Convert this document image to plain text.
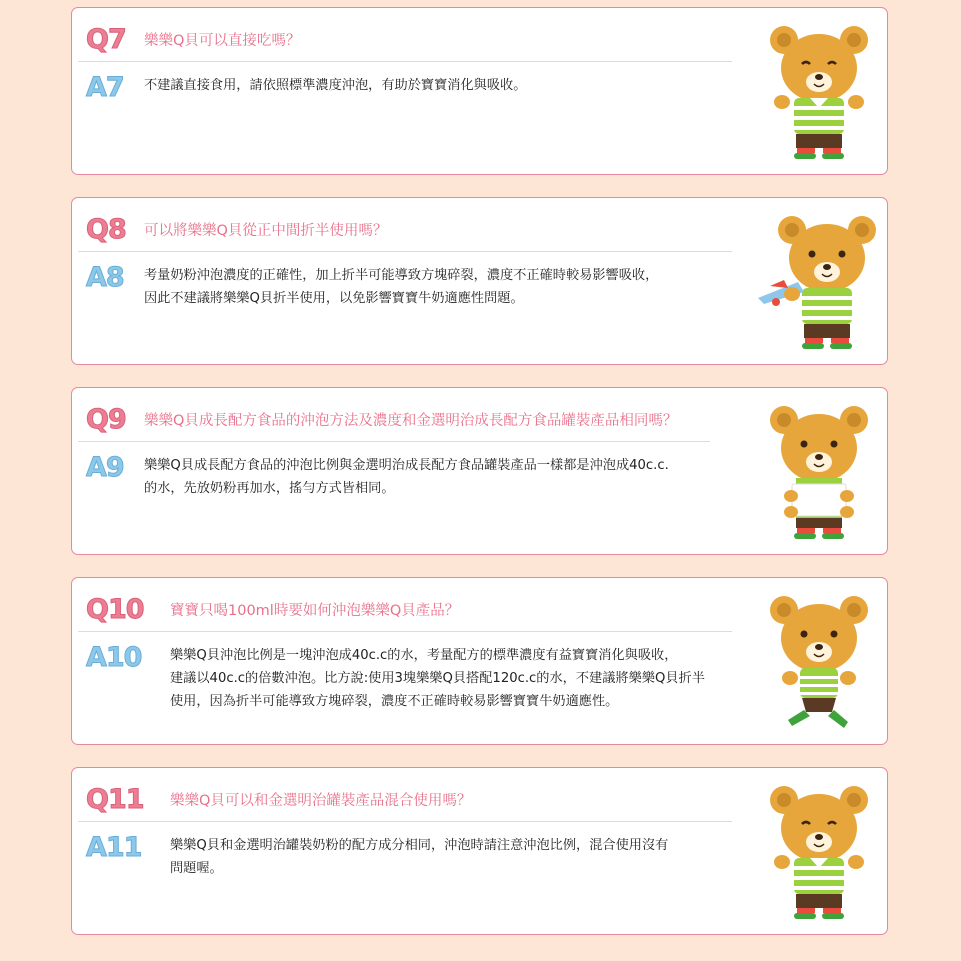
Q7	樂樂Q貝可以直接吃嗎？
A7	不建議直接食用，請依照標準濃度沖泡，有助於寶寶消化與吸收。
Q8	可以將樂樂Q貝從正中間折半使用嗎？
A8	考量奶粉沖泡濃度的正確性，加上折半可能導致方塊碎裂，濃度不正確時較易影響吸收，
因此不建議將樂樂Q貝折半使用，以免影響寶寶牛奶適應性問題。
Q9	樂樂Q貝成長配方食品的沖泡方法及濃度和金選明治成長配方食品罐裝產品相同嗎？
A9	樂樂Q貝成長配方食品的沖泡比例與金選明治成長配方食品罐裝產品一樣都是沖泡成40c.c.
的水，先放奶粉再加水，搖勻方式皆相同。
Q10	寶寶只喝100ml時要如何沖泡樂樂Q貝產品？
A10	樂樂Q貝沖泡比例是一塊沖泡成40c.c的水，考量配方的標準濃度有益寶寶消化與吸收，
建議以40c.c的倍數沖泡。比方說:使用3塊樂樂Q貝搭配120c.c的水，不建議將樂樂Q貝折半
使用，因為折半可能導致方塊碎裂，濃度不正確時較易影響寶寶牛奶適應性。
Q11	樂樂Q貝可以和金選明治罐裝產品混合使用嗎？
A11	樂樂Q貝和金選明治罐裝奶粉的配方成分相同，沖泡時請注意沖泡比例，混合使用沒有
問題喔。
